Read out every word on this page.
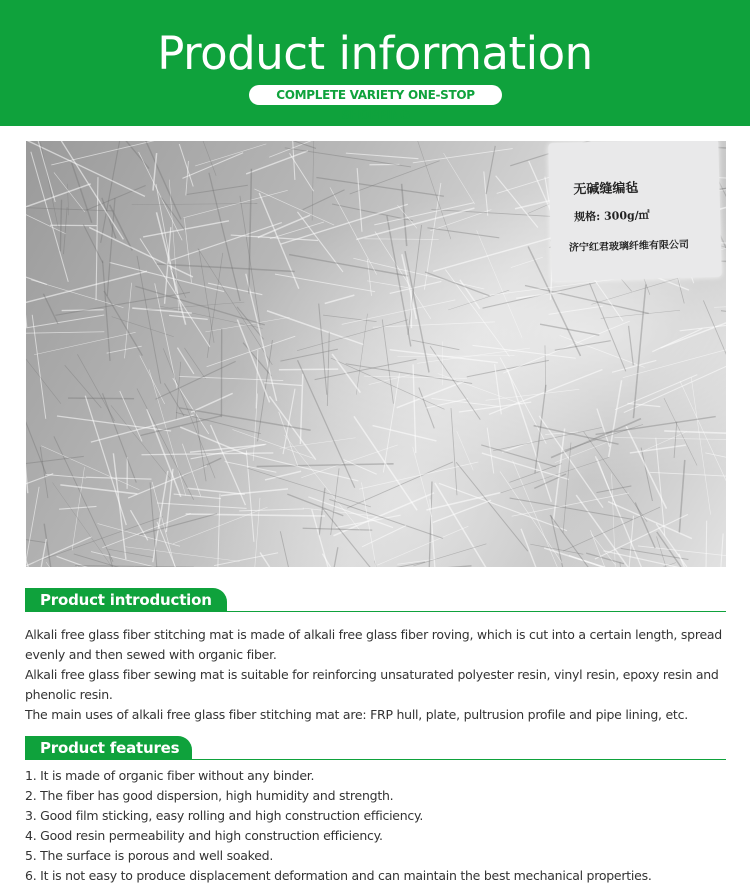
Product information
COMPLETE VARIETY ONE-STOP SHOPPING
无碱缝编毡
规格: 300g/㎡
济宁红君玻璃纤维有限公司
Product introduction

Alkali free glass fiber stitching mat is made of alkali free glass fiber roving, which is cut into a certain length, spread evenly and then sewed with organic fiber.

Alkali free glass fiber sewing mat is suitable for reinforcing unsaturated polyester resin, vinyl resin, epoxy resin and phenolic resin.

The main uses of alkali free glass fiber stitching mat are: FRP hull, plate, pultrusion profile and pipe lining, etc.

Product features
1. It is made of organic fiber without any binder.
2. The fiber has good dispersion, high humidity and strength.
3. Good film sticking, easy rolling and high construction efficiency.
4. Good resin permeability and high construction efficiency.
5. The surface is porous and well soaked.
6. It is not easy to produce displacement deformation and can maintain the best mechanical properties.
